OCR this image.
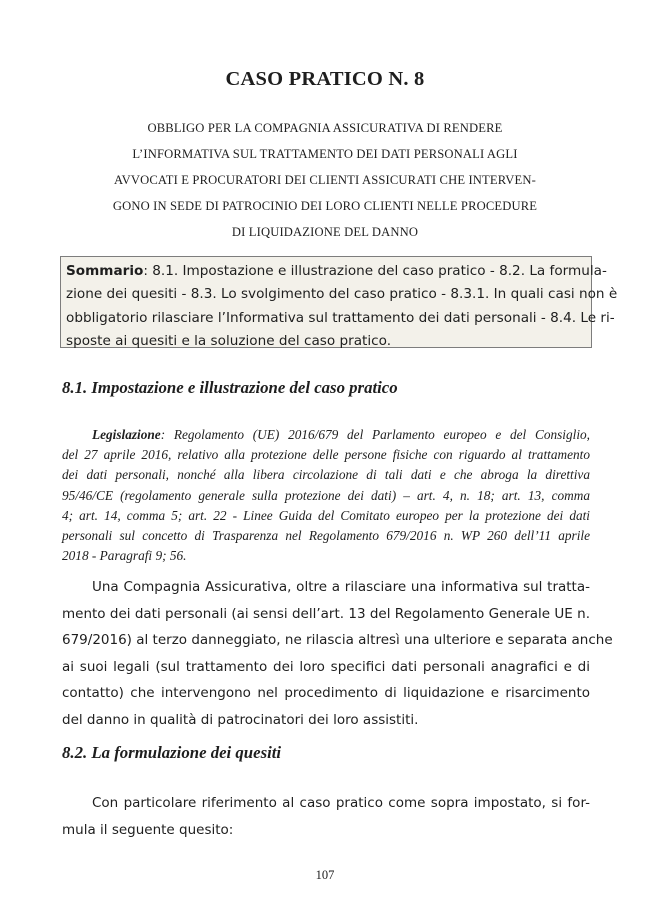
CASO PRATICO N. 8
OBBLIGO PER LA COMPAGNIA ASSICURATIVA DI RENDERE
L’INFORMATIVA SUL TRATTAMENTO DEI DATI PERSONALI AGLI
AVVOCATI E PROCURATORI DEI CLIENTI ASSICURATI CHE INTERVEN-
GONO IN SEDE DI PATROCINIO DEI LORO CLIENTI NELLE PROCEDURE
DI LIQUIDAZIONE DEL DANNO
Sommario: 8.1. Impostazione e illustrazione del caso pratico - 8.2. La formula-
zione dei quesiti - 8.3. Lo svolgimento del caso pratico - 8.3.1. In quali casi non è
obbligatorio rilasciare l’Informativa sul trattamento dei dati personali - 8.4. Le ri-
sposte ai quesiti e la soluzione del caso pratico.
8.1. Impostazione e illustrazione del caso pratico
Legislazione: Regolamento (UE) 2016/679 del Parlamento europeo e del Consiglio,
del 27 aprile 2016, relativo alla protezione delle persone fisiche con riguardo al trattamento
dei dati personali, nonché alla libera circolazione di tali dati e che abroga la direttiva
95/46/CE (regolamento generale sulla protezione dei dati) – art. 4, n. 18; art. 13, comma
4; art. 14, comma 5; art. 22 - Linee Guida del Comitato europeo per la protezione dei dati
personali sul concetto di Trasparenza nel Regolamento 679/2016 n. WP 260 dell’11 aprile
2018 - Paragrafi 9; 56.
Una Compagnia Assicurativa, oltre a rilasciare una informativa sul tratta-
mento dei dati personali (ai sensi dell’art. 13 del Regolamento Generale UE n.
679/2016) al terzo danneggiato, ne rilascia altresì una ulteriore e separata anche
ai suoi legali (sul trattamento dei loro specifici dati personali anagrafici e di
contatto) che intervengono nel procedimento di liquidazione e risarcimento
del danno in qualità di patrocinatori dei loro assistiti.
8.2. La formulazione dei quesiti
Con particolare riferimento al caso pratico come sopra impostato, si for-
mula il seguente quesito:
107
